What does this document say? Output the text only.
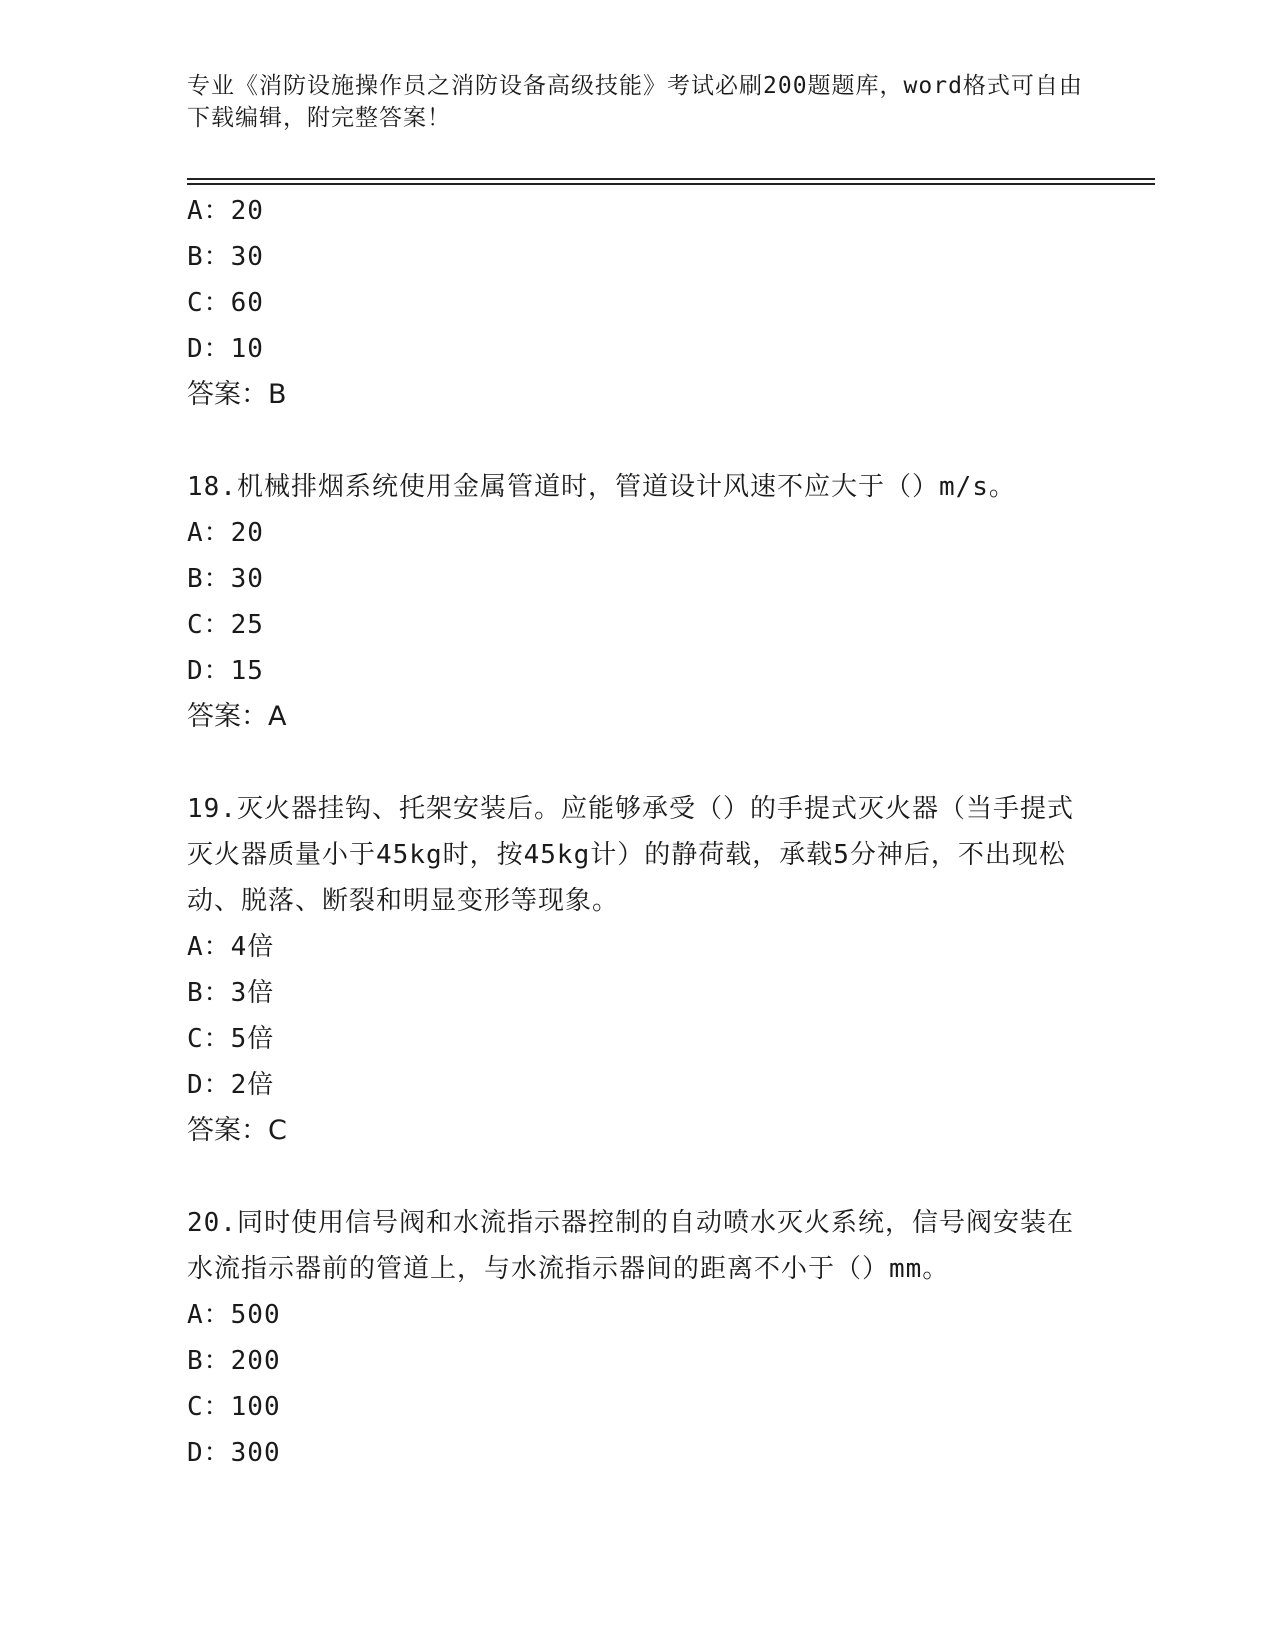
专业《消防设施操作员之消防设备高级技能》考试必刷200题题库，word格式可自由下载编辑，附完整答案！

A：20

B：30

C：60

D：10

答案：B

18.机械排烟系统使用金属管道时，管道设计风速不应大于（）m/s。

A：20

B：30

C：25

D：15

答案：A

19.灭火器挂钩、托架安装后。应能够承受（）的手提式灭火器（当手提式灭火器质量小于45kg时，按45kg计）的静荷载，承载5分神后，不出现松动、脱落、断裂和明显变形等现象。

A：4倍

B：3倍

C：5倍

D：2倍

答案：C

20.同时使用信号阀和水流指示器控制的自动喷水灭火系统，信号阀安装在水流指示器前的管道上，与水流指示器间的距离不小于（）mm。

A：500

B：200

C：100

D：300
